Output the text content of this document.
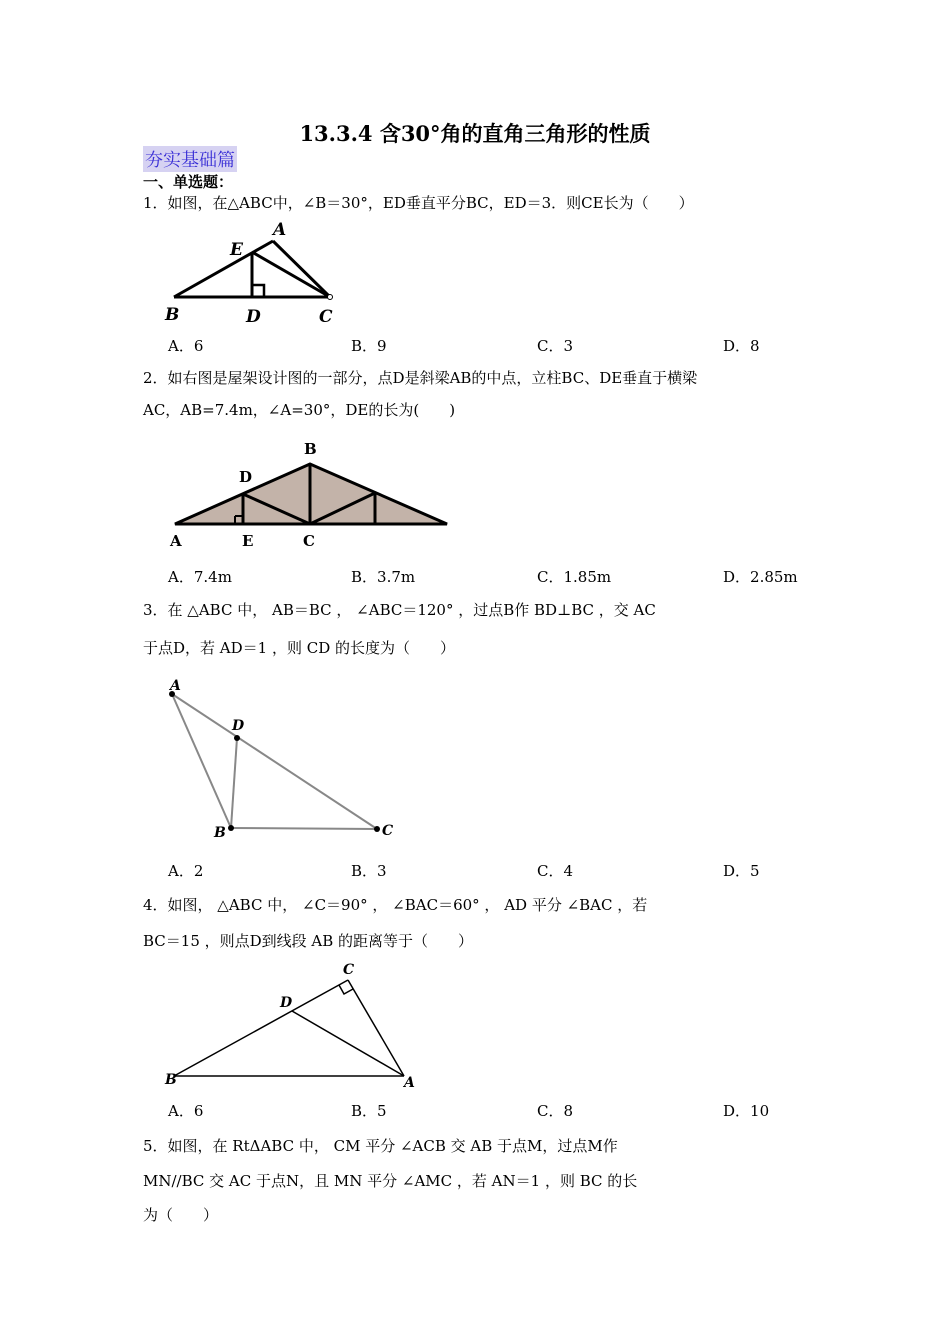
13.3.4 含30°角的直角三角形的性质
夯实基础篇
一、单选题：
1．如图，在△ABC中，∠B＝30°，ED垂直平分BC，ED＝3．则CE长为（　　）
A
E
B	D	C
A．6	B．9	C．3	D．8
2．如右图是屋架设计图的一部分，点D是斜梁AB的中点，立柱BC、DE垂直于横梁
AC，AB=7.4m，∠A=30°，DE的长为(　　)
B
D
A	E	C
A．7.4m	B．3.7m	C．1.85m	D．2.85m
3．在 △ABC 中， AB＝BC ， ∠ABC＝120° ，过点B作 BD⊥BC ，交 AC
于点D，若 AD＝1 ，则 CD 的长度为（　　）
A
D
B	C
A．2	B．3	C．4	D．5
4．如图， △ABC 中， ∠C＝90° ， ∠BAC＝60° ， AD 平分 ∠BAC ，若
BC＝15 ，则点D到线段 AB 的距离等于（　　）
C
D
B	A
A．6	B．5	C．8	D．10
5．如图，在 RtΔABC 中， CM 平分 ∠ACB 交 AB 于点M，过点M作
MN//BC 交 AC 于点N，且 MN 平分 ∠AMC ，若 AN＝1 ，则 BC 的长
为（　　）
